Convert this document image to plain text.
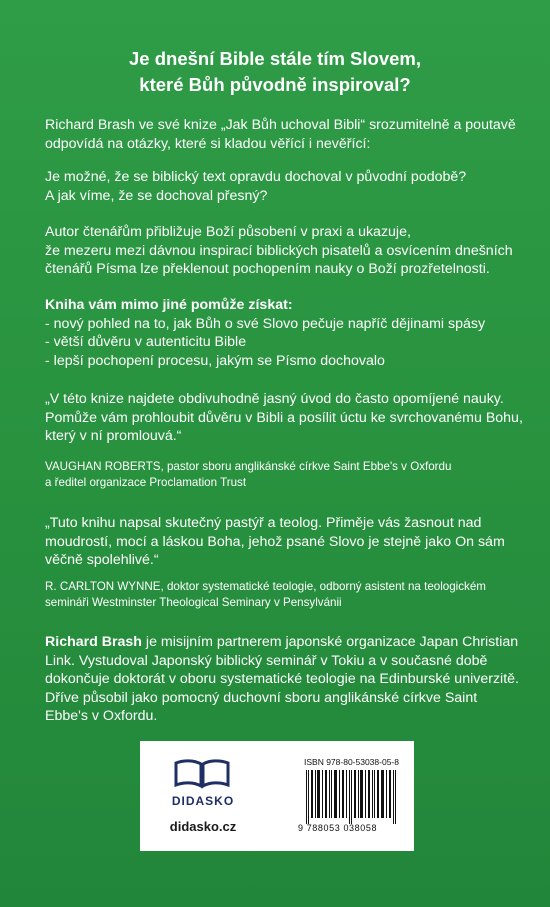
Je dnešní Bible stále tím Slovem,
které Bůh původně inspiroval?
Richard Brash ve své knize „Jak Bůh uchoval Bibli“ srozumitelně a poutavě
odpovídá na otázky, které si kladou věřící i nevěřící:
Je možné, že se biblický text opravdu dochoval v původní podobě?
A jak víme, že se dochoval přesný?
Autor čtenářům přibližuje Boží působení v praxi a ukazuje,
že mezeru mezi dávnou inspirací biblických pisatelů a osvícením dnešních
čtenářů Písma lze překlenout pochopením nauky o Boží prozřetelnosti.
Kniha vám mimo jiné pomůže získat:
- nový pohled na to, jak Bůh o své Slovo pečuje napříč dějinami spásy
- větší důvěru v autenticitu Bible
- lepší pochopení procesu, jakým se Písmo dochovalo
„V této knize najdete obdivuhodně jasný úvod do často opomíjené nauky.
Pomůže vám prohloubit důvěru v Bibli a posílit úctu ke svrchovanému Bohu,
který v ní promlouvá.“
VAUGHAN ROBERTS, pastor sboru anglikánské církve Saint Ebbe's v Oxfordu
a ředitel organizace Proclamation Trust
„Tuto knihu napsal skutečný pastýř a teolog. Přiměje vás žasnout nad
moudrostí, mocí a láskou Boha, jehož psané Slovo je stejně jako On sám
věčně spolehlivé.“
R. CARLTON WYNNE, doktor systematické teologie, odborný asistent na teologickém
semináři Westminster Theological Seminary v Pensylvánii
Richard Brash je misijním partnerem japonské organizace Japan Christian
Link. Vystudoval Japonský biblický seminář v Tokiu a v současné době
dokončuje doktorát v oboru systematické teologie na Edinburské univerzitě.
Dříve působil jako pomocný duchovní sboru anglikánské církve Saint
Ebbe's v Oxfordu.
DIDASKO
didasko.cz
ISBN 978-80-53038-05-8
9 788053 038058
